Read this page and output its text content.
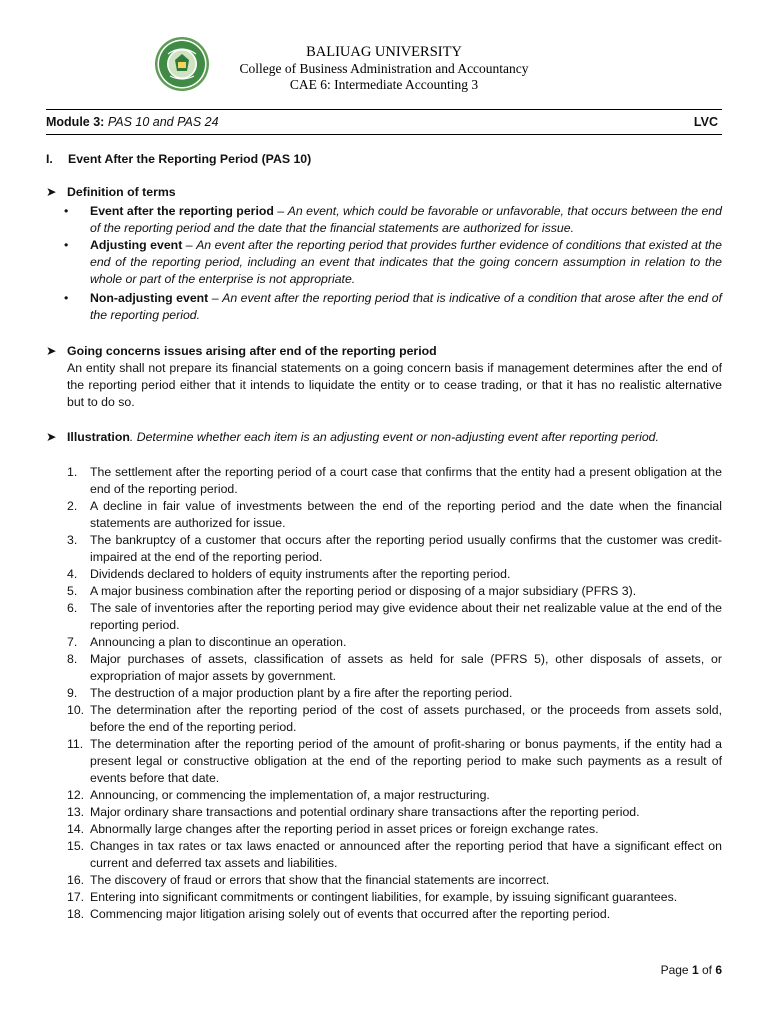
BALIUAG UNIVERSITY
College of Business Administration and Accountancy
CAE 6: Intermediate Accounting 3
Module 3: PAS 10 and PAS 24	LVC
I. Event After the Reporting Period (PAS 10)
➤ Definition of terms
• Event after the reporting period – An event, which could be favorable or unfavorable, that occurs between the end of the reporting period and the date that the financial statements are authorized for issue.
• Adjusting event – An event after the reporting period that provides further evidence of conditions that existed at the end of the reporting period, including an event that indicates that the going concern assumption in relation to the whole or part of the enterprise is not appropriate.
• Non-adjusting event – An event after the reporting period that is indicative of a condition that arose after the end of the reporting period.
➤ Going concerns issues arising after end of the reporting period
An entity shall not prepare its financial statements on a going concern basis if management determines after the end of the reporting period either that it intends to liquidate the entity or to cease trading, or that it has no realistic alternative but to do so.
➤ Illustration. Determine whether each item is an adjusting event or non-adjusting event after reporting period.
1. The settlement after the reporting period of a court case that confirms that the entity had a present obligation at the end of the reporting period.
2. A decline in fair value of investments between the end of the reporting period and the date when the financial statements are authorized for issue.
3. The bankruptcy of a customer that occurs after the reporting period usually confirms that the customer was credit-impaired at the end of the reporting period.
4. Dividends declared to holders of equity instruments after the reporting period.
5. A major business combination after the reporting period or disposing of a major subsidiary (PFRS 3).
6. The sale of inventories after the reporting period may give evidence about their net realizable value at the end of the reporting period.
7. Announcing a plan to discontinue an operation.
8. Major purchases of assets, classification of assets as held for sale (PFRS 5), other disposals of assets, or expropriation of major assets by government.
9. The destruction of a major production plant by a fire after the reporting period.
10. The determination after the reporting period of the cost of assets purchased, or the proceeds from assets sold, before the end of the reporting period.
11. The determination after the reporting period of the amount of profit-sharing or bonus payments, if the entity had a present legal or constructive obligation at the end of the reporting period to make such payments as a result of events before that date.
12. Announcing, or commencing the implementation of, a major restructuring.
13. Major ordinary share transactions and potential ordinary share transactions after the reporting period.
14. Abnormally large changes after the reporting period in asset prices or foreign exchange rates.
15. Changes in tax rates or tax laws enacted or announced after the reporting period that have a significant effect on current and deferred tax assets and liabilities.
16. The discovery of fraud or errors that show that the financial statements are incorrect.
17. Entering into significant commitments or contingent liabilities, for example, by issuing significant guarantees.
18. Commencing major litigation arising solely out of events that occurred after the reporting period.
Page 1 of 6
